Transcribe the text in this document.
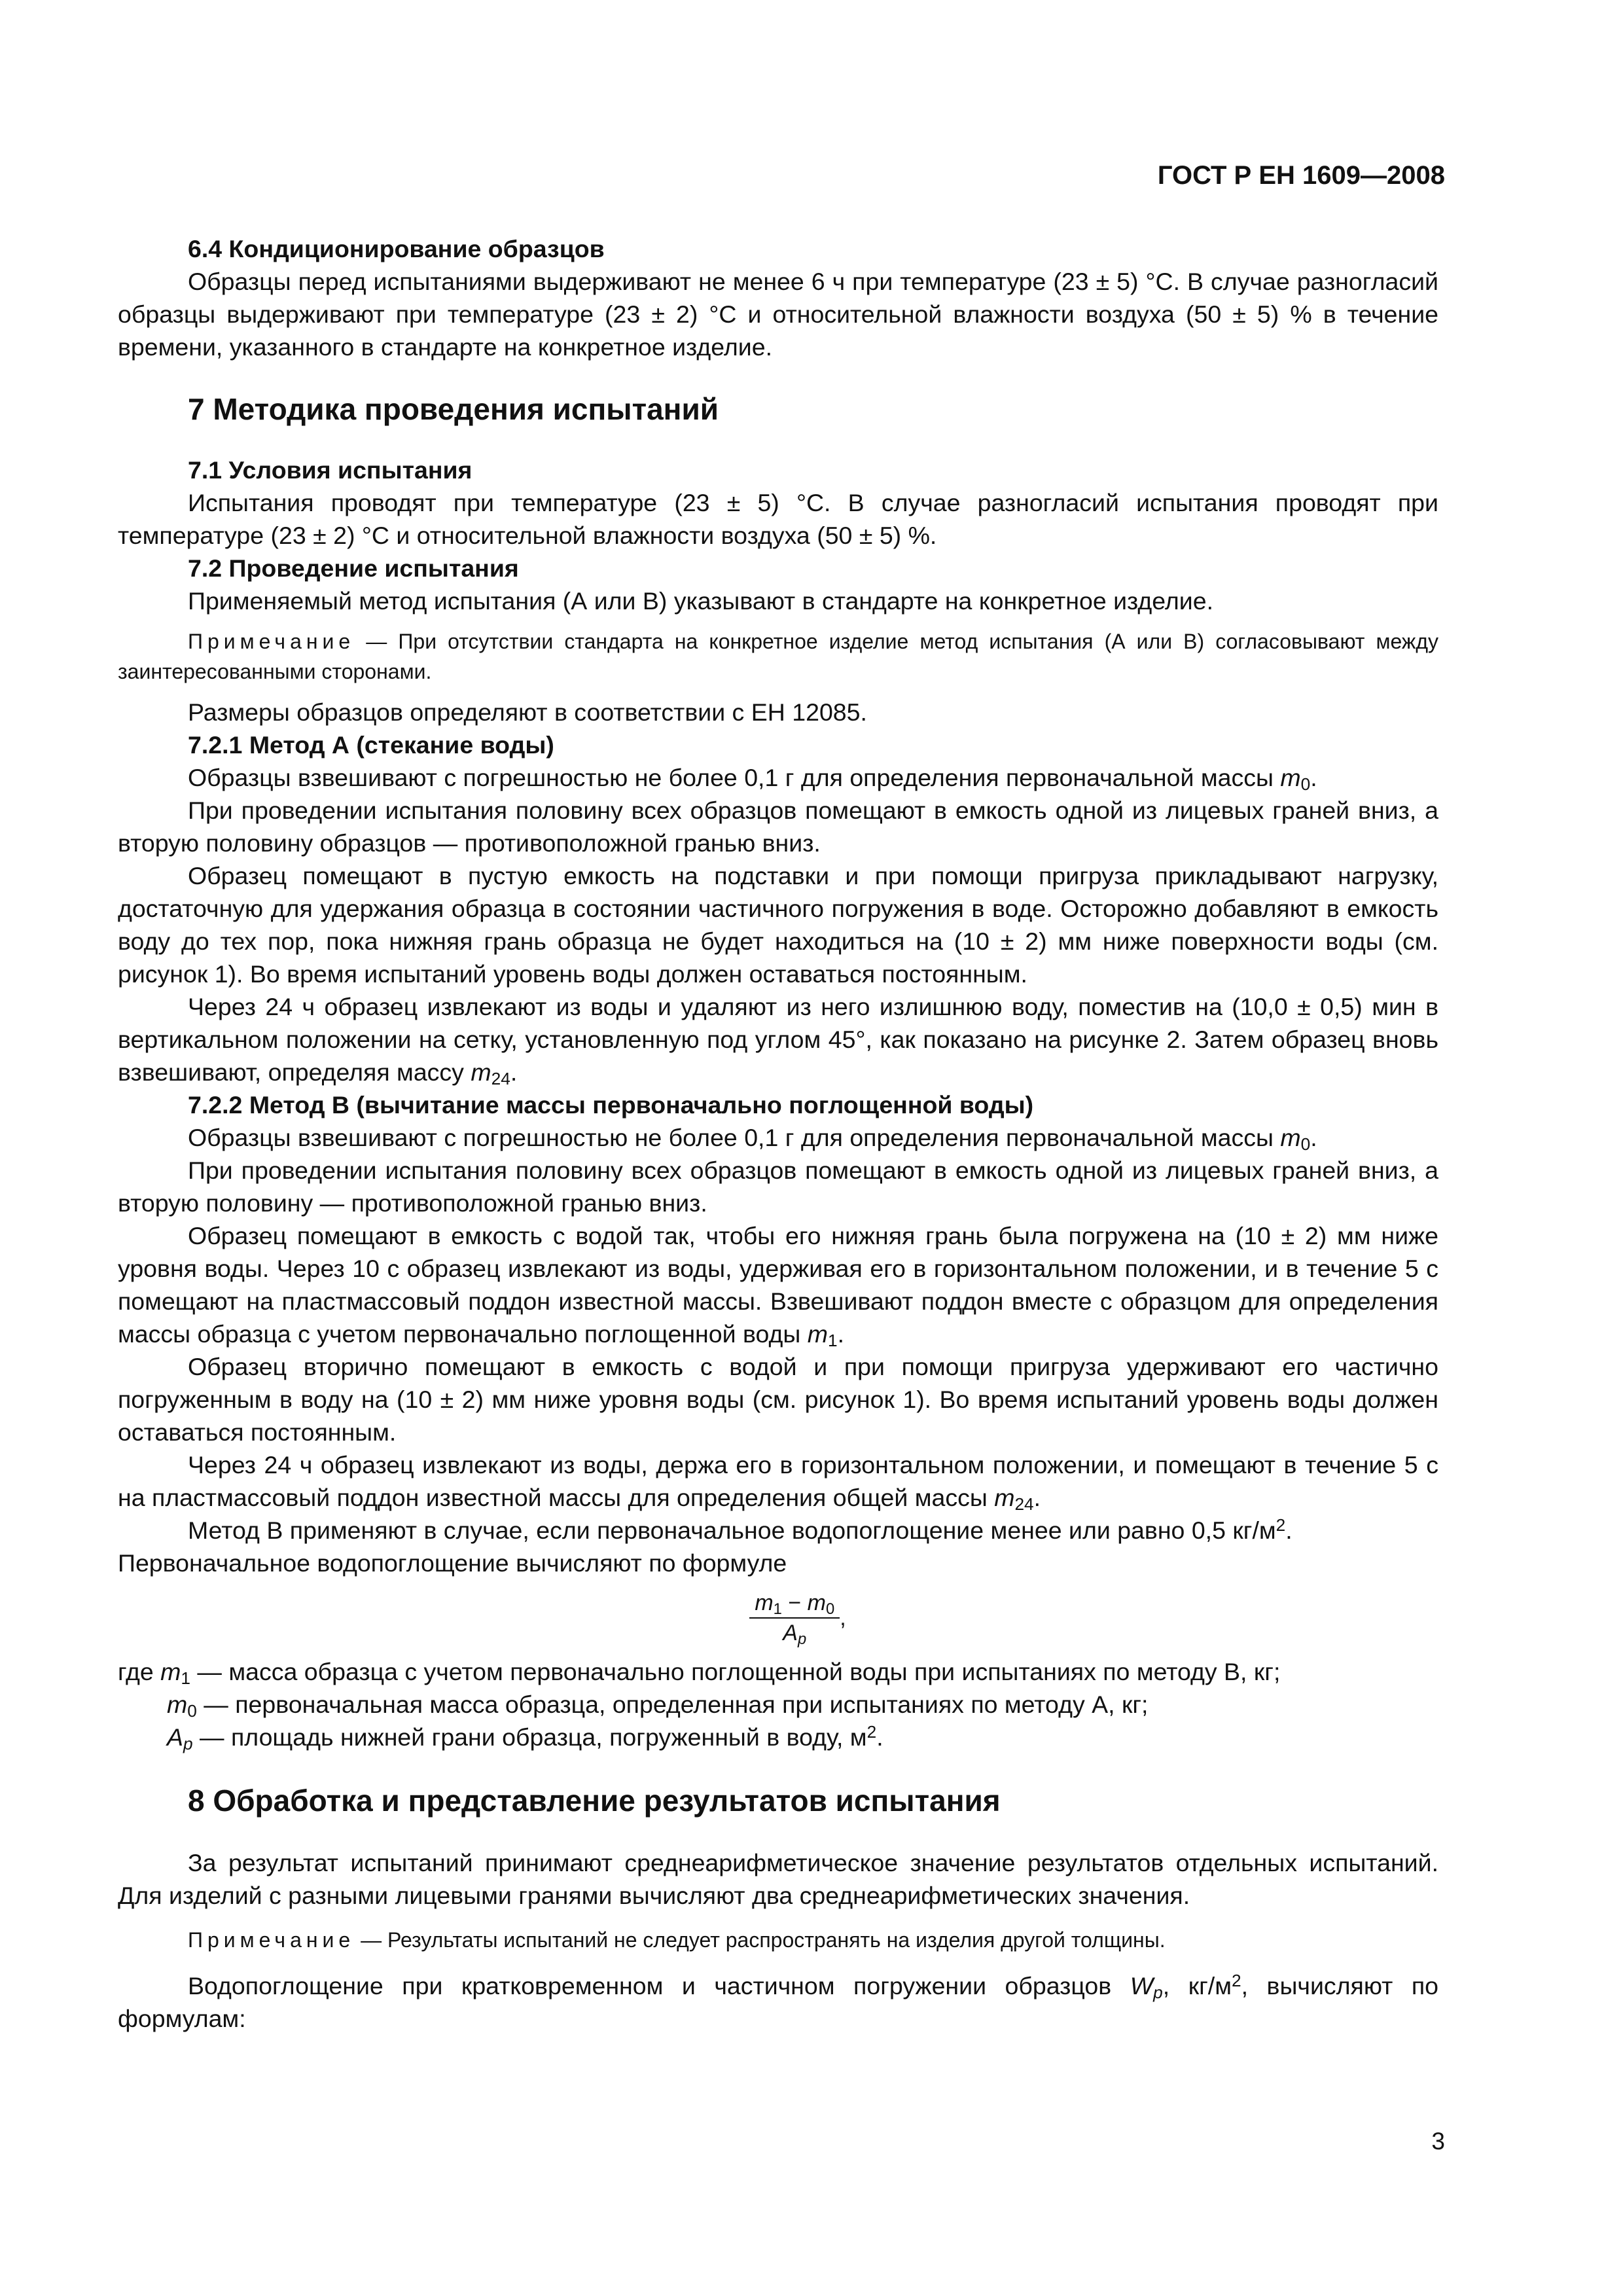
ГОСТ Р ЕН 1609—2008

6.4 Кондиционирование образцов

Образцы перед испытаниями выдерживают не менее 6 ч при температуре (23 ± 5) °С. В случае разногласий образцы выдерживают при температуре (23 ± 2) °С и относительной влажности воздуха (50 ± 5) % в течение времени, указанного в стандарте на конкретное изделие.

7 Методика проведения испытаний

7.1 Условия испытания

Испытания проводят при температуре (23 ± 5) °С. В случае разногласий испытания проводят при температуре (23 ± 2) °С и относительной влажности воздуха (50 ± 5) %.

7.2 Проведение испытания

Применяемый метод испытания (А или В) указывают в стандарте на конкретное изделие.

Примечание — При отсутствии стандарта на конкретное изделие метод испытания (А или В) согласовывают между заинтересованными сторонами.

Размеры образцов определяют в соответствии с ЕН 12085.

7.2.1 Метод А (стекание воды)

Образцы взвешивают с погрешностью не более 0,1 г для определения первоначальной массы $m_0$.

При проведении испытания половину всех образцов помещают в емкость одной из лицевых граней вниз, а вторую половину образцов — противоположной гранью вниз.

Образец помещают в пустую емкость на подставки и при помощи пригруза прикладывают нагрузку, достаточную для удержания образца в состоянии частичного погружения в воде. Осторожно добавляют в емкость воду до тех пор, пока нижняя грань образца не будет находиться на (10 ± 2) мм ниже поверхности воды (см. рисунок 1). Во время испытаний уровень воды должен оставаться постоянным.

Через 24 ч образец извлекают из воды и удаляют из него излишнюю воду, поместив на (10,0 ± 0,5) мин в вертикальном положении на сетку, установленную под углом 45°, как показано на рисунке 2. Затем образец вновь взвешивают, определяя массу $m_{24}$.

7.2.2 Метод В (вычитание массы первоначально поглощенной воды)

Образцы взвешивают с погрешностью не более 0,1 г для определения первоначальной массы $m_0$.

При проведении испытания половину всех образцов помещают в емкость одной из лицевых граней вниз, а вторую половину — противоположной гранью вниз.

Образец помещают в емкость с водой так, чтобы его нижняя грань была погружена на (10 ± 2) мм ниже уровня воды. Через 10 с образец извлекают из воды, удерживая его в горизонтальном положении, и в течение 5 с помещают на пластмассовый поддон известной массы. Взвешивают поддон вместе с образцом для определения массы образца с учетом первоначально поглощенной воды $m_1$.

Образец вторично помещают в емкость с водой и при помощи пригруза удерживают его частично погруженным в воду на (10 ± 2) мм ниже уровня воды (см. рисунок 1). Во время испытаний уровень воды должен оставаться постоянным.

Через 24 ч образец извлекают из воды, держа его в горизонтальном положении, и помещают в течение 5 с на пластмассовый поддон известной массы для определения общей массы $m_{24}$.

Метод В применяют в случае, если первоначальное водопоглощение менее или равно 0,5 $кг/м^2$.

Первоначальное водопоглощение вычисляют по формуле

$\frac{m_1 - m_0}{A_p}$ ,

где $m_1$ — масса образца с учетом первоначально поглощенной воды при испытаниях по методу В, кг;

$m_0$ — первоначальная масса образца, определенная при испытаниях по методу А, кг;

$A_p$ — площадь нижней грани образца, погруженный в воду, $м^2$.

8 Обработка и представление результатов испытания

За результат испытаний принимают среднеарифметическое значение результатов отдельных испытаний. Для изделий с разными лицевыми гранями вычисляют два среднеарифметических значения.

Примечание — Результаты испытаний не следует распространять на изделия другой толщины.

Водопоглощение при кратковременном и частичном погружении образцов $W_p$, $кг/м^2$, вычисляют по формулам:

3
